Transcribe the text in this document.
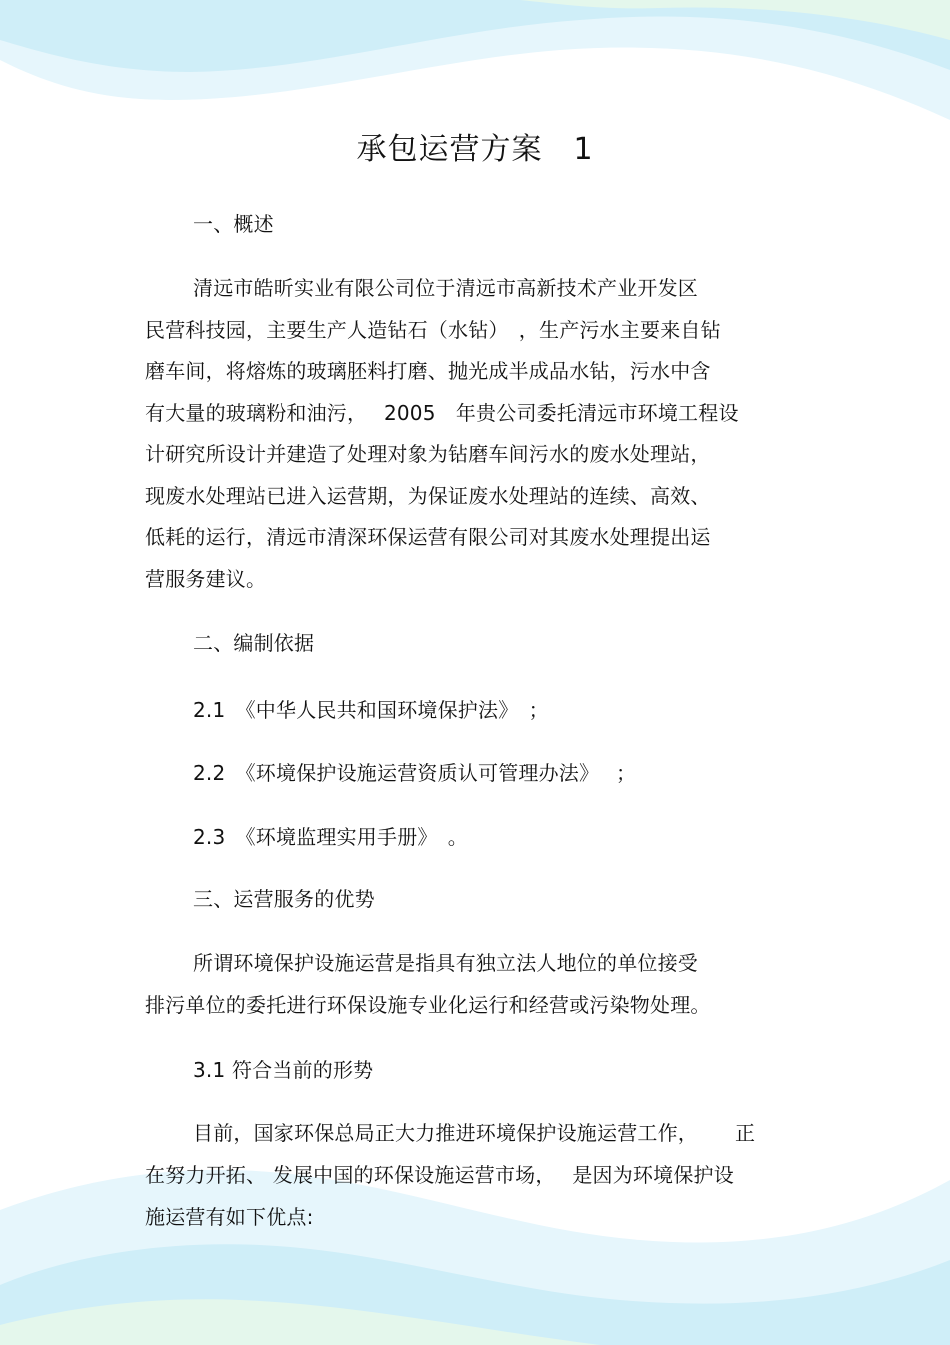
承包运营方案　1

一、概述

清远市皓昕实业有限公司位于清远市高新技术产业开发区

民营科技园，主要生产人造钻石（水钻）　，生产污水主要来自钻

磨车间，将熔炼的玻璃胚料打磨、抛光成半成品水钻，污水中含

有大量的玻璃粉和油污，　 2005　年贵公司委托清远市环境工程设

计研究所设计并建造了处理对象为钻磨车间污水的废水处理站，

现废水处理站已进入运营期，为保证废水处理站的连续、高效、

低耗的运行，清远市清深环保运营有限公司对其废水处理提出运

营服务建议。

二、编制依据

2.1　《中华人民共和国环境保护法》　；

2.2　《环境保护设施运营资质认可管理办法》　 ；

2.3　《环境监理实用手册》　。

三、运营服务的优势

所谓环境保护设施运营是指具有独立法人地位的单位接受

排污单位的委托进行环保设施专业化运行和经营或污染物处理。

3.1 符合当前的形势

目前，国家环保总局正大力推进环境保护设施运营工作，　　 正

在努力开拓、 发展中国的环保设施运营市场，　 是因为环境保护设

施运营有如下优点:
